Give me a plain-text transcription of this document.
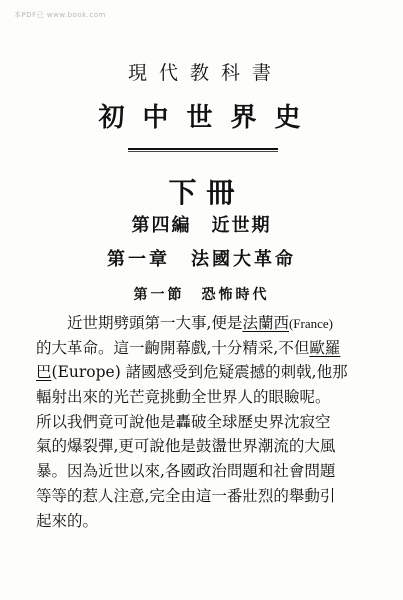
本PDF已 www.book.com
現代教科書
初中世界史
下冊
第四編　近世期
第一章　法國大革命
第一節　恐怖時代
近世期劈頭第一大事,便是法蘭西(France)
的大革命。這一齣開幕戲,十分精采,不但歐羅
巴(Europe) 諸國感受到危疑震撼的刺戟,他那
輻射出來的光芒竟挑動全世界人的眼瞼呢。
所以我們竟可說他是轟破全球歷史界沈寂空
氣的爆裂彈,更可說他是鼓盪世界潮流的大風
暴。因為近世以來,各國政治問題和社會問題
等等的惹人注意,完全由這一番壯烈的舉動引
起來的。
